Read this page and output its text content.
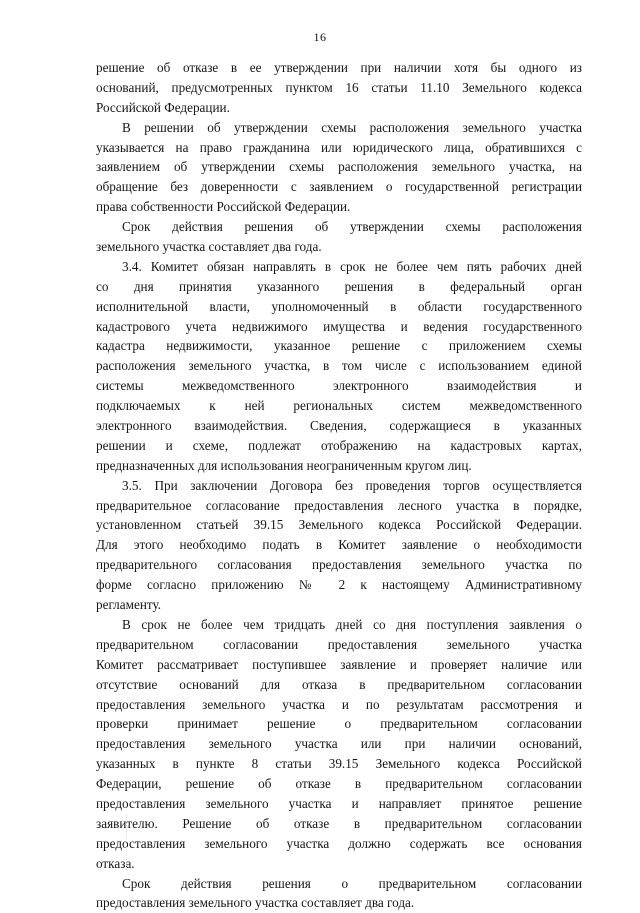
16
решение об отказе в ее утверждении при наличии хотя бы одного из
оснований, предусмотренных пунктом 16 статьи 11.10 Земельного кодекса
Российской Федерации.
В решении об утверждении схемы расположения земельного участка
указывается на право гражданина или юридического лица, обратившихся с
заявлением об утверждении схемы расположения земельного участка, на
обращение без доверенности с заявлением о государственной регистрации
права собственности Российской Федерации.
Срок действия решения об утверждении схемы расположения
земельного участка составляет два года.
3.4. Комитет обязан направлять в срок не более чем пять рабочих дней
со дня принятия указанного решения в федеральный орган
исполнительной власти, уполномоченный в области государственного
кадастрового учета недвижимого имущества и ведения государственного
кадастра недвижимости, указанное решение с приложением схемы
расположения земельного участка, в том числе с использованием единой
системы межведомственного электронного взаимодействия и
подключаемых к ней региональных систем межведомственного
электронного взаимодействия. Сведения, содержащиеся в указанных
решении и схеме, подлежат отображению на кадастровых картах,
предназначенных для использования неограниченным кругом лиц.
3.5. При заключении Договора без проведения торгов осуществляется
предварительное согласование предоставления лесного участка в порядке,
установленном статьей 39.15 Земельного кодекса Российской Федерации.
Для этого необходимо подать в Комитет заявление о необходимости
предварительного согласования предоставления земельного участка по
форме согласно приложению № 2 к настоящему Административному
регламенту.
В срок не более чем тридцать дней со дня поступления заявления о
предварительном согласовании предоставления земельного участка
Комитет рассматривает поступившее заявление и проверяет наличие или
отсутствие оснований для отказа в предварительном согласовании
предоставления земельного участка и по результатам рассмотрения и
проверки принимает решение о предварительном согласовании
предоставления земельного участка или при наличии оснований,
указанных в пункте 8 статьи 39.15 Земельного кодекса Российской
Федерации, решение об отказе в предварительном согласовании
предоставления земельного участка и направляет принятое решение
заявителю. Решение об отказе в предварительном согласовании
предоставления земельного участка должно содержать все основания
отказа.
Срок действия решения о предварительном согласовании
предоставления земельного участка составляет два года.
